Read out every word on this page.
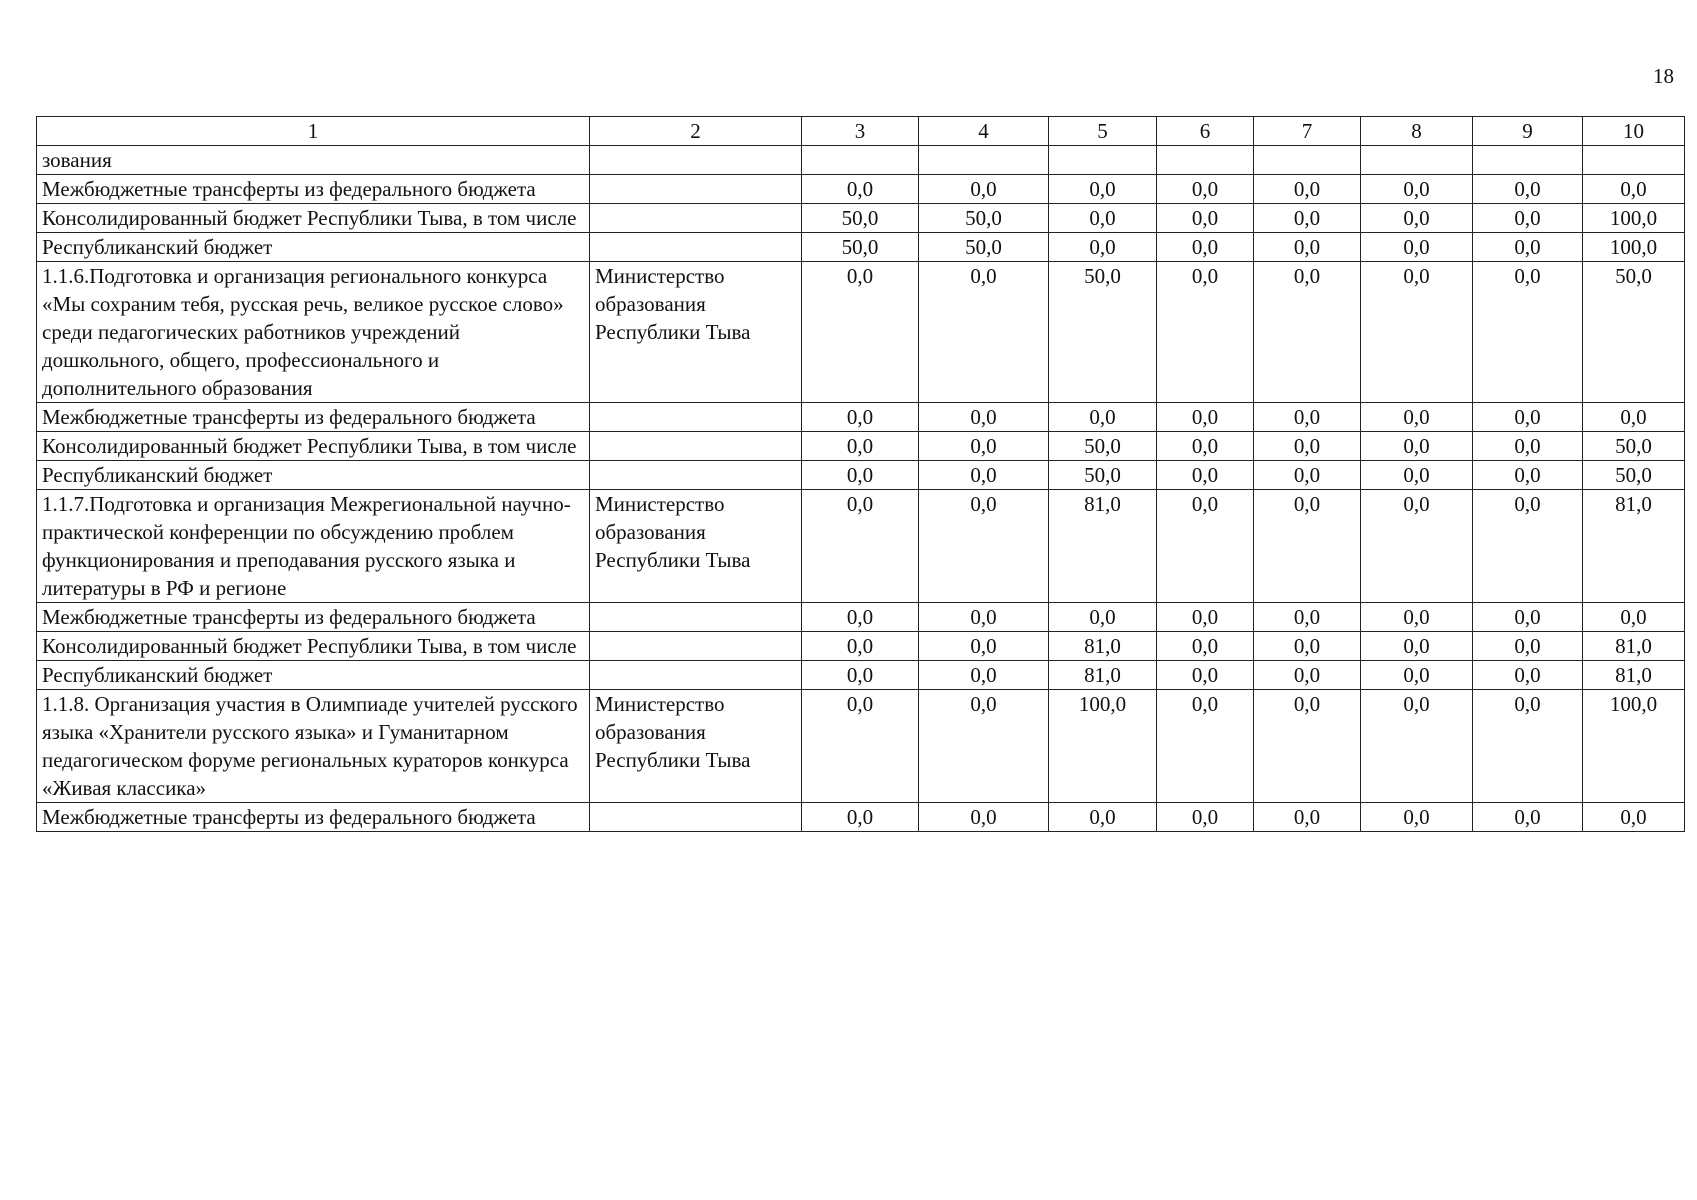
18
1	2	3	4	5	6	7	8	9	10
зования									
Межбюджетные трансферты из федерального бюджета		0,0	0,0	0,0	0,0	0,0	0,0	0,0	0,0
Консолидированный бюджет Республики Тыва, в том числе		50,0	50,0	0,0	0,0	0,0	0,0	0,0	100,0
Республиканский бюджет		50,0	50,0	0,0	0,0	0,0	0,0	0,0	100,0
1.1.6.Подготовка и организация регионального конкурса «Мы сохраним тебя, русская речь, великое русское слово» среди педагогических работников учреждений дошкольного, общего, профессионального и дополнительного образования	Министерство образования Республики Тыва	0,0	0,0	50,0	0,0	0,0	0,0	0,0	50,0
Межбюджетные трансферты из федерального бюджета		0,0	0,0	0,0	0,0	0,0	0,0	0,0	0,0
Консолидированный бюджет Республики Тыва, в том числе		0,0	0,0	50,0	0,0	0,0	0,0	0,0	50,0
Республиканский бюджет		0,0	0,0	50,0	0,0	0,0	0,0	0,0	50,0
1.1.7.Подготовка и организация Межрегиональной научно-практической конференции по обсуждению проблем функционирования и преподавания русского языка и литературы в РФ и регионе	Министерство образования Республики Тыва	0,0	0,0	81,0	0,0	0,0	0,0	0,0	81,0
Межбюджетные трансферты из федерального бюджета		0,0	0,0	0,0	0,0	0,0	0,0	0,0	0,0
Консолидированный бюджет Республики Тыва, в том числе		0,0	0,0	81,0	0,0	0,0	0,0	0,0	81,0
Республиканский бюджет		0,0	0,0	81,0	0,0	0,0	0,0	0,0	81,0
1.1.8. Организация участия в Олимпиаде учителей русского языка «Хранители русского языка» и Гуманитарном педагогическом форуме региональных кураторов конкурса «Живая классика»	Министерство образования Республики Тыва	0,0	0,0	100,0	0,0	0,0	0,0	0,0	100,0
Межбюджетные трансферты из федерального бюджета		0,0	0,0	0,0	0,0	0,0	0,0	0,0	0,0
